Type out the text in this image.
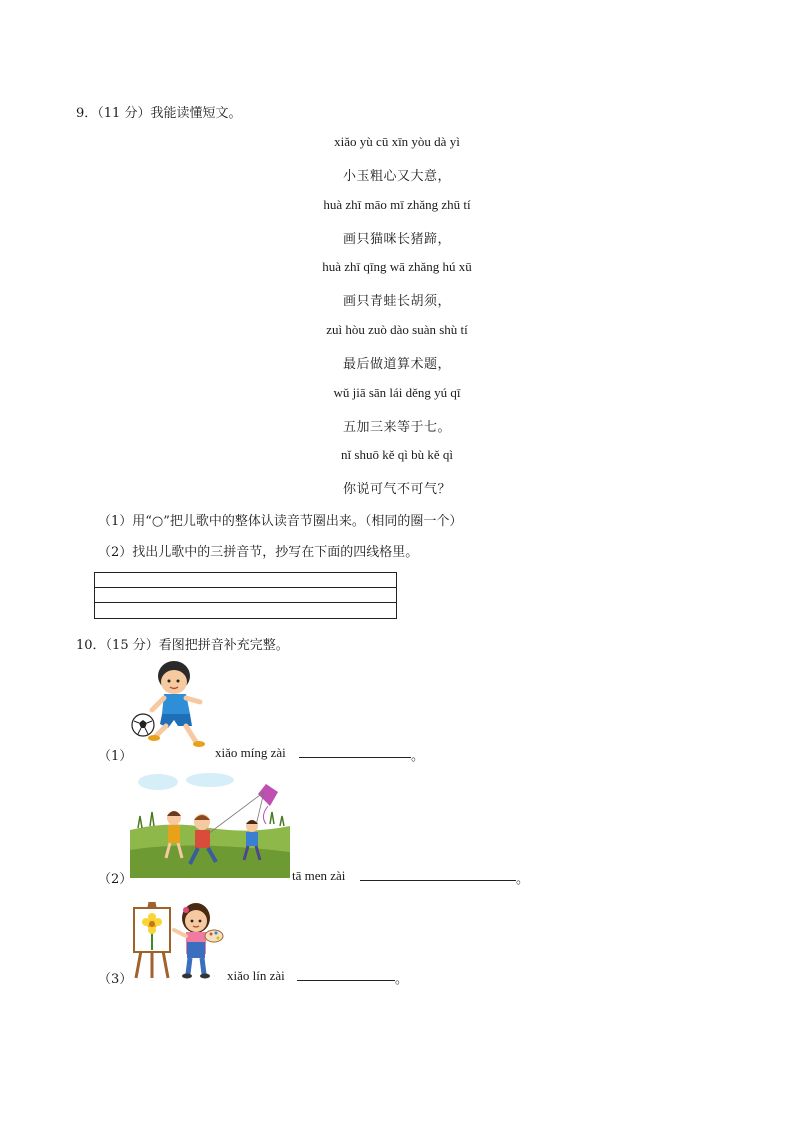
9．（11 分）我能读懂短文。
xiǎo yù cū xīn yòu dà yì
小玉粗心又大意，
huà zhī māo mī zhǎng zhū tí
画只猫咪长猪蹄，
huà zhī qīng wā zhǎng hú xū
画只青蛙长胡须，
zuì hòu zuò dào suàn shù tí
最后做道算术题，
wǔ jiā sān lái děng yú qī
五加三来等于七。
nǐ shuō kě qì bù kě qì
你说可气不可气？
（1）用“○”把儿歌中的整体认读音节圈出来。（相同的圈一个）
（2）找出儿歌中的三拼音节，抄写在下面的四线格里。
10．（15 分）看图把拼音补充完整。
（1）	xiǎo míng zài	。
（2）	tā men zài	。
（3）	xiǎo lín zài	。
